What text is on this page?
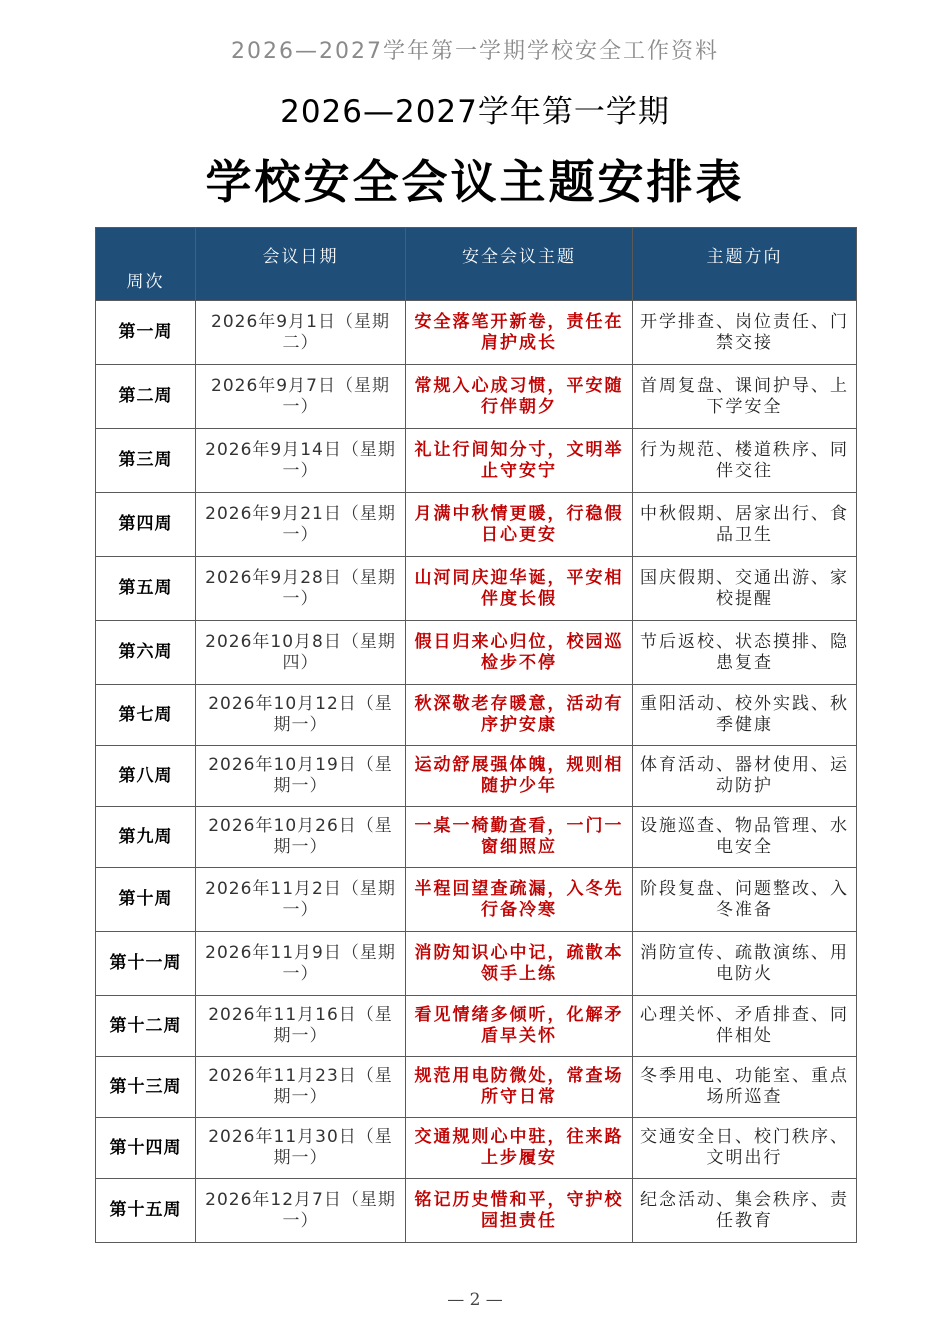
2026—2027学年第一学期学校安全工作资料
2026—2027学年第一学期
学校安全会议主题安排表
周次	会议日期	安全会议主题	主题方向
第一周	2026年9月1日（星期二）	安全落笔开新卷，责任在肩护成长	开学排查、岗位责任、门禁交接
第二周	2026年9月7日（星期一）	常规入心成习惯，平安随行伴朝夕	首周复盘、课间护导、上下学安全
第三周	2026年9月14日（星期一）	礼让行间知分寸，文明举止守安宁	行为规范、楼道秩序、同伴交往
第四周	2026年9月21日（星期一）	月满中秋情更暖，行稳假日心更安	中秋假期、居家出行、食品卫生
第五周	2026年9月28日（星期一）	山河同庆迎华诞，平安相伴度长假	国庆假期、交通出游、家校提醒
第六周	2026年10月8日（星期四）	假日归来心归位，校园巡检步不停	节后返校、状态摸排、隐患复查
第七周	2026年10月12日（星期一）	秋深敬老存暖意，活动有序护安康	重阳活动、校外实践、秋季健康
第八周	2026年10月19日（星期一）	运动舒展强体魄，规则相随护少年	体育活动、器材使用、运动防护
第九周	2026年10月26日（星期一）	一桌一椅勤查看，一门一窗细照应	设施巡查、物品管理、水电安全
第十周	2026年11月2日（星期一）	半程回望查疏漏，入冬先行备冷寒	阶段复盘、问题整改、入冬准备
第十一周	2026年11月9日（星期一）	消防知识心中记，疏散本领手上练	消防宣传、疏散演练、用电防火
第十二周	2026年11月16日（星期一）	看见情绪多倾听，化解矛盾早关怀	心理关怀、矛盾排查、同伴相处
第十三周	2026年11月23日（星期一）	规范用电防微处，常查场所守日常	冬季用电、功能室、重点场所巡查
第十四周	2026年11月30日（星期一）	交通规则心中驻，往来路上步履安	交通安全日、校门秩序、文明出行
第十五周	2026年12月7日（星期一）	铭记历史惜和平，守护校园担责任	纪念活动、集会秩序、责任教育
— 2 —
